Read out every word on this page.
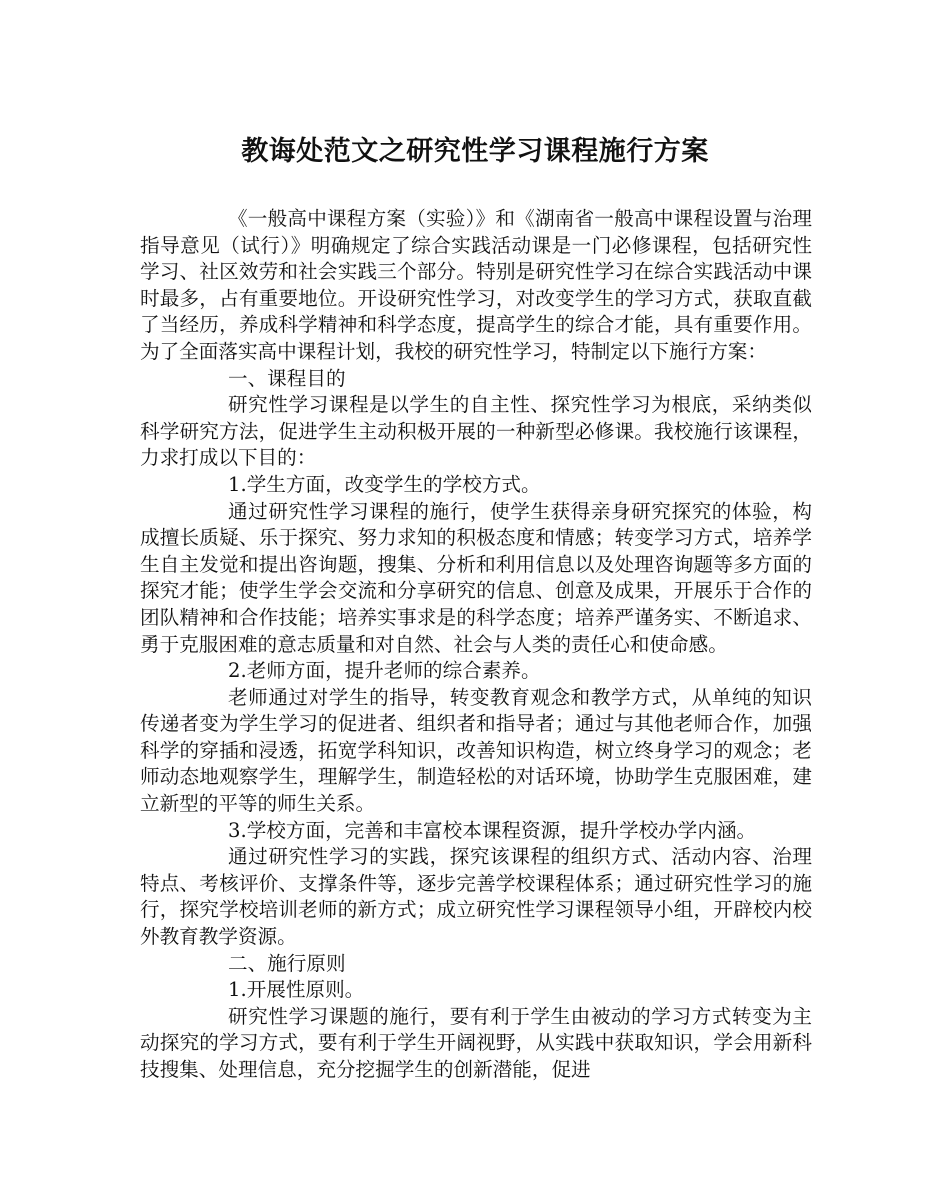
教诲处范文之研究性学习课程施行方案

《一般高中课程方案（实验）》和《湖南省一般高中课程设置与治理指导意见（试行）》明确规定了综合实践活动课是一门必修课程，包括研究性学习、社区效劳和社会实践三个部分。特别是研究性学习在综合实践活动中课时最多，占有重要地位。开设研究性学习，对改变学生的学习方式，获取直截了当经历，养成科学精神和科学态度，提高学生的综合才能，具有重要作用。为了全面落实高中课程计划，我校的研究性学习，特制定以下施行方案：

一、课程目的

研究性学习课程是以学生的自主性、探究性学习为根底，采纳类似科学研究方法，促进学生主动积极开展的一种新型必修课。我校施行该课程，力求打成以下目的：

1.学生方面，改变学生的学校方式。

通过研究性学习课程的施行，使学生获得亲身研究探究的体验，构成擅长质疑、乐于探究、努力求知的积极态度和情感；转变学习方式，培养学生自主发觉和提出咨询题，搜集、分析和利用信息以及处理咨询题等多方面的探究才能；使学生学会交流和分享研究的信息、创意及成果，开展乐于合作的团队精神和合作技能；培养实事求是的科学态度；培养严谨务实、不断追求、勇于克服困难的意志质量和对自然、社会与人类的责任心和使命感。

2.老师方面，提升老师的综合素养。

老师通过对学生的指导，转变教育观念和教学方式，从单纯的知识传递者变为学生学习的促进者、组织者和指导者；通过与其他老师合作，加强科学的穿插和浸透，拓宽学科知识，改善知识构造，树立终身学习的观念；老师动态地观察学生，理解学生，制造轻松的对话环境，协助学生克服困难，建立新型的平等的师生关系。

3.学校方面，完善和丰富校本课程资源，提升学校办学内涵。

通过研究性学习的实践，探究该课程的组织方式、活动内容、治理特点、考核评价、支撑条件等，逐步完善学校课程体系；通过研究性学习的施行，探究学校培训老师的新方式；成立研究性学习课程领导小组，开辟校内校外教育教学资源。

二、施行原则

1.开展性原则。

研究性学习课题的施行，要有利于学生由被动的学习方式转变为主动探究的学习方式，要有利于学生开阔视野，从实践中获取知识，学会用新科技搜集、处理信息，充分挖掘学生的创新潜能，促进
